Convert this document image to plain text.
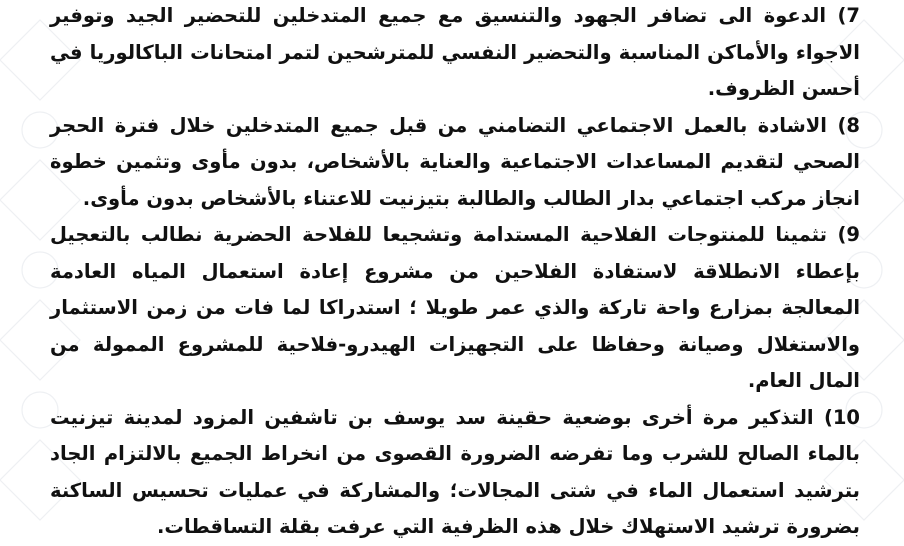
7) الدعوة الى تضافر الجهود والتنسيق مع جميع المتدخلين للتحضير الجيد وتوفير الاجواء والأماكن المناسبة والتحضير النفسي للمترشحين لتمر امتحانات الباكالوريا في أحسن الظروف.

8) الاشادة بالعمل الاجتماعي التضامني من قبل جميع المتدخلين خلال فترة الحجر الصحي لتقديم المساعدات الاجتماعية والعناية بالأشخاص، بدون مأوى وتثمين خطوة انجاز مركب اجتماعي بدار الطالب والطالبة بتيزنيت للاعتناء بالأشخاص بدون مأوى.

9) تثمينا للمنتوجات الفلاحية المستدامة وتشجيعا للفلاحة الحضرية نطالب بالتعجيل بإعطاء الانطلاقة لاستفادة الفلاحين من مشروع إعادة استعمال المياه العادمة المعالجة بمزارع واحة تاركة والذي عمر طويلا ؛ استدراكا لما فات من زمن الاستثمار والاستغلال وصيانة وحفاظا على التجهيزات الهيدرو-فلاحية للمشروع الممولة من المال العام.

10) التذكير مرة أخرى بوضعية حقينة سد يوسف بن تاشفين المزود لمدينة تيزنيت بالماء الصالح للشرب وما تفرضه الضرورة القصوى من انخراط الجميع بالالتزام الجاد بترشيد استعمال الماء في شتى المجالات؛ والمشاركة في عمليات تحسيس الساكنة بضرورة ترشيد الاستهلاك خلال هذه الظرفية التي عرفت بقلة التساقطات.
